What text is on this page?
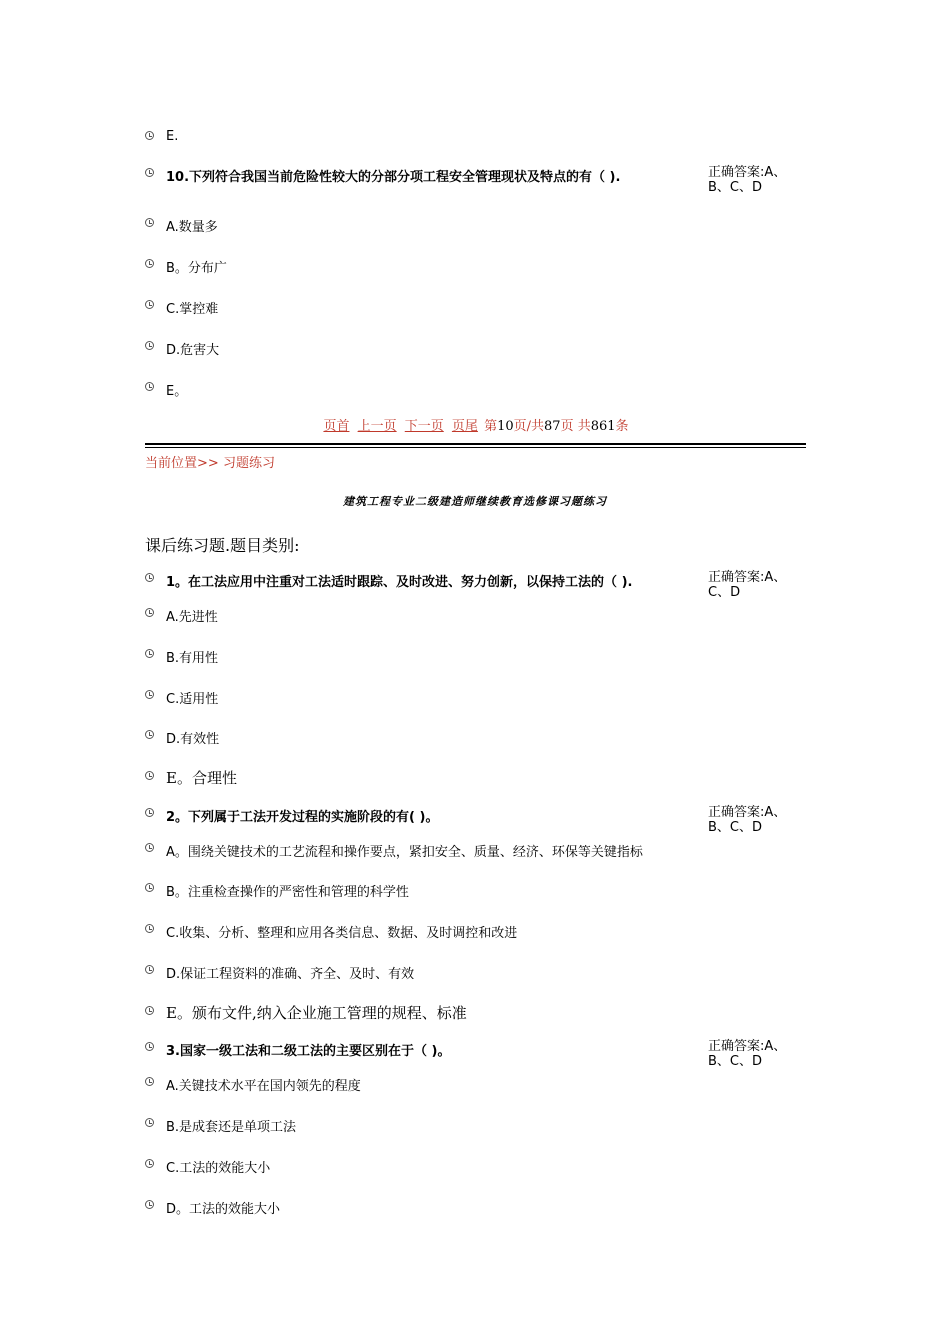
E.
10.下列符合我国当前危险性较大的分部分项工程安全管理现状及特点的有（ ).	正确答案:A、B、C、D
A.数量多
B。分布广
C.掌控难
D.危害大
E。
页首 上一页 下一页 页尾 第10页/共87页 共861条
当前位置>> 习题练习
建筑工程专业二级建造师继续教育选修课习题练习
课后练习题.题目类别:
1。在工法应用中注重对工法适时跟踪、及时改进、努力创新，以保持工法的（ ).	正确答案:A、C、D
A.先进性
B.有用性
C.适用性
D.有效性
E。合理性
2。下列属于工法开发过程的实施阶段的有( )。	正确答案:A、B、C、D
A。围绕关键技术的工艺流程和操作要点，紧扣安全、质量、经济、环保等关键指标
B。注重检查操作的严密性和管理的科学性
C.收集、分析、整理和应用各类信息、数据、及时调控和改进
D.保证工程资料的准确、齐全、及时、有效
E。颁布文件,纳入企业施工管理的规程、标准
3.国家一级工法和二级工法的主要区别在于（ )。	正确答案:A、B、C、D
A.关键技术水平在国内领先的程度
B.是成套还是单项工法
C.工法的效能大小
D。工法的效能大小
